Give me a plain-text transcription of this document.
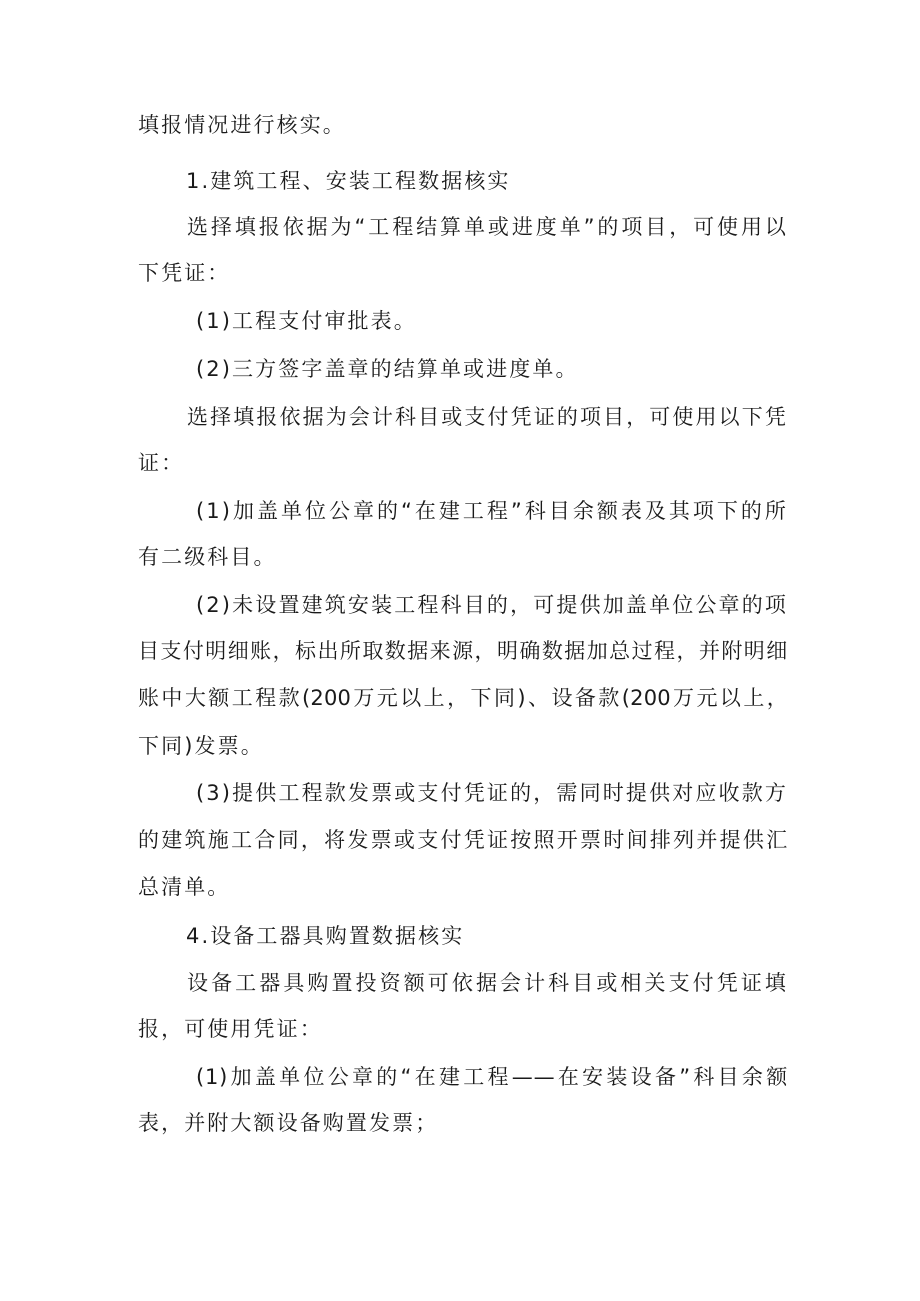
填报情况进行核实。
1.建筑工程、安装工程数据核实
选择填报依据为“工程结算单或进度单”的项目，可使用以
下凭证：
(1)工程支付审批表。
(2)三方签字盖章的结算单或进度单。
选择填报依据为会计科目或支付凭证的项目，可使用以下凭
证：
(1)加盖单位公章的“在建工程”科目余额表及其项下的所
有二级科目。
(2)未设置建筑安装工程科目的，可提供加盖单位公章的项
目支付明细账，标出所取数据来源，明确数据加总过程，并附明细
账中大额工程款(200万元以上，下同)、设备款(200万元以上，
下同)发票。
(3)提供工程款发票或支付凭证的，需同时提供对应收款方
的建筑施工合同，将发票或支付凭证按照开票时间排列并提供汇
总清单。
4.设备工器具购置数据核实
设备工器具购置投资额可依据会计科目或相关支付凭证填
报，可使用凭证：
(1)加盖单位公章的“在建工程——在安装设备”科目余额
表，并附大额设备购置发票；
